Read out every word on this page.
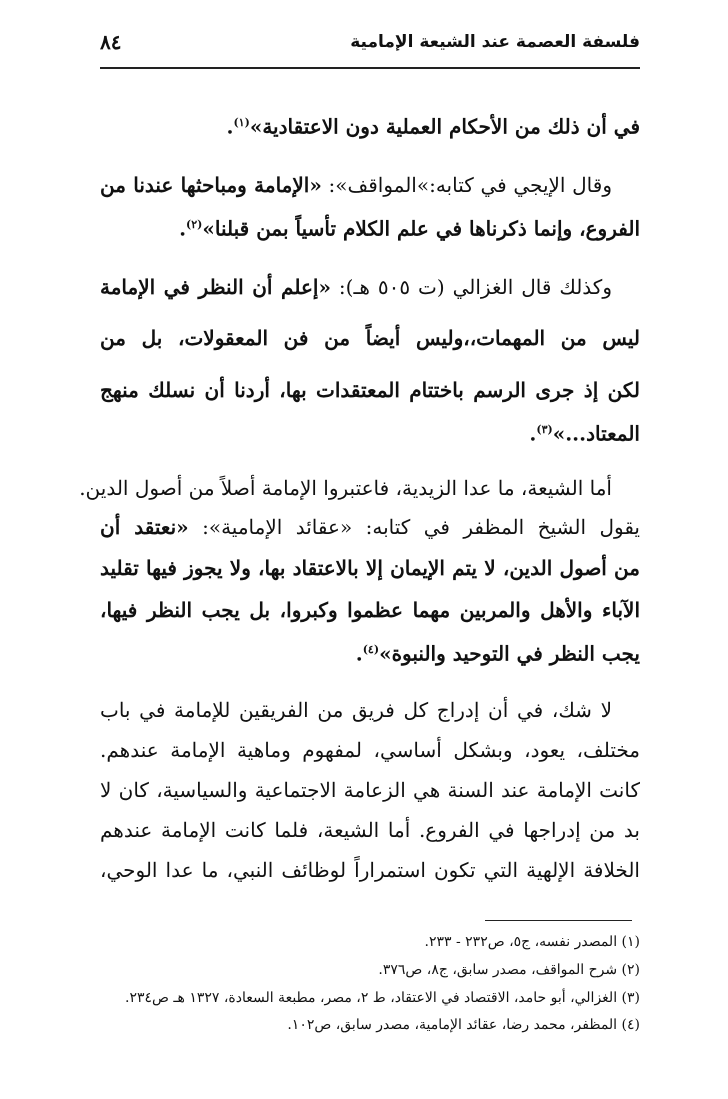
فلسفة العصمة عند الشيعة الإمامية
٨٤
في أن ذلك من الأحكام العملية دون الاعتقادية»$^{(١)}$.
وقال الإيجي في كتابه:»المواقف»: «الإمامة ومباحثها عندنا من
الفروع، وإنما ذكرناها في علم الكلام تأسياً بمن قبلنا»$^{(٢)}$.
وكذلك قال الغزالي (ت ٥٠٥ هـ): «إعلم أن النظر في الإمامة
ليس من المهمات،،وليس أيضاً من فن المعقولات، بل من
لكن إذ جرى الرسم باختتام المعتقدات بها، أردنا أن نسلك منهج
المعتاد...»$^{(٣)}$.
أما الشيعة، ما عدا الزيدية، فاعتبروا الإمامة أصلاً من أصول الدين.
يقول الشيخ المظفر في كتابه: «عقائد الإمامية»: «نعتقد أن
من أصول الدين، لا يتم الإيمان إلا بالاعتقاد بها، ولا يجوز فيها تقليد
الآباء والأهل والمربين مهما عظموا وكبروا، بل يجب النظر فيها،
يجب النظر في التوحيد والنبوة»$^{(٤)}$.
لا شك، في أن إدراج كل فريق من الفريقين للإمامة في باب
مختلف، يعود، وبشكل أساسي، لمفهوم وماهية الإمامة عندهم.
كانت الإمامة عند السنة هي الزعامة الاجتماعية والسياسية، كان لا
بد من إدراجها في الفروع. أما الشيعة، فلما كانت الإمامة عندهم
الخلافة الإلهية التي تكون استمراراً لوظائف النبي، ما عدا الوحي،
(١) المصدر نفسه، ج٥، ص٢٣٢ - ٢٣٣.
(٢) شرح المواقف، مصدر سابق، ج٨، ص٣٧٦.
(٣) الغزالي، أبو حامد، الاقتصاد في الاعتقاد، ط ٢، مصر، مطبعة السعادة، ١٣٢٧ هـ ص٢٣٤.
(٤) المظفر، محمد رضا، عقائد الإمامية، مصدر سابق، ص١٠٢.
